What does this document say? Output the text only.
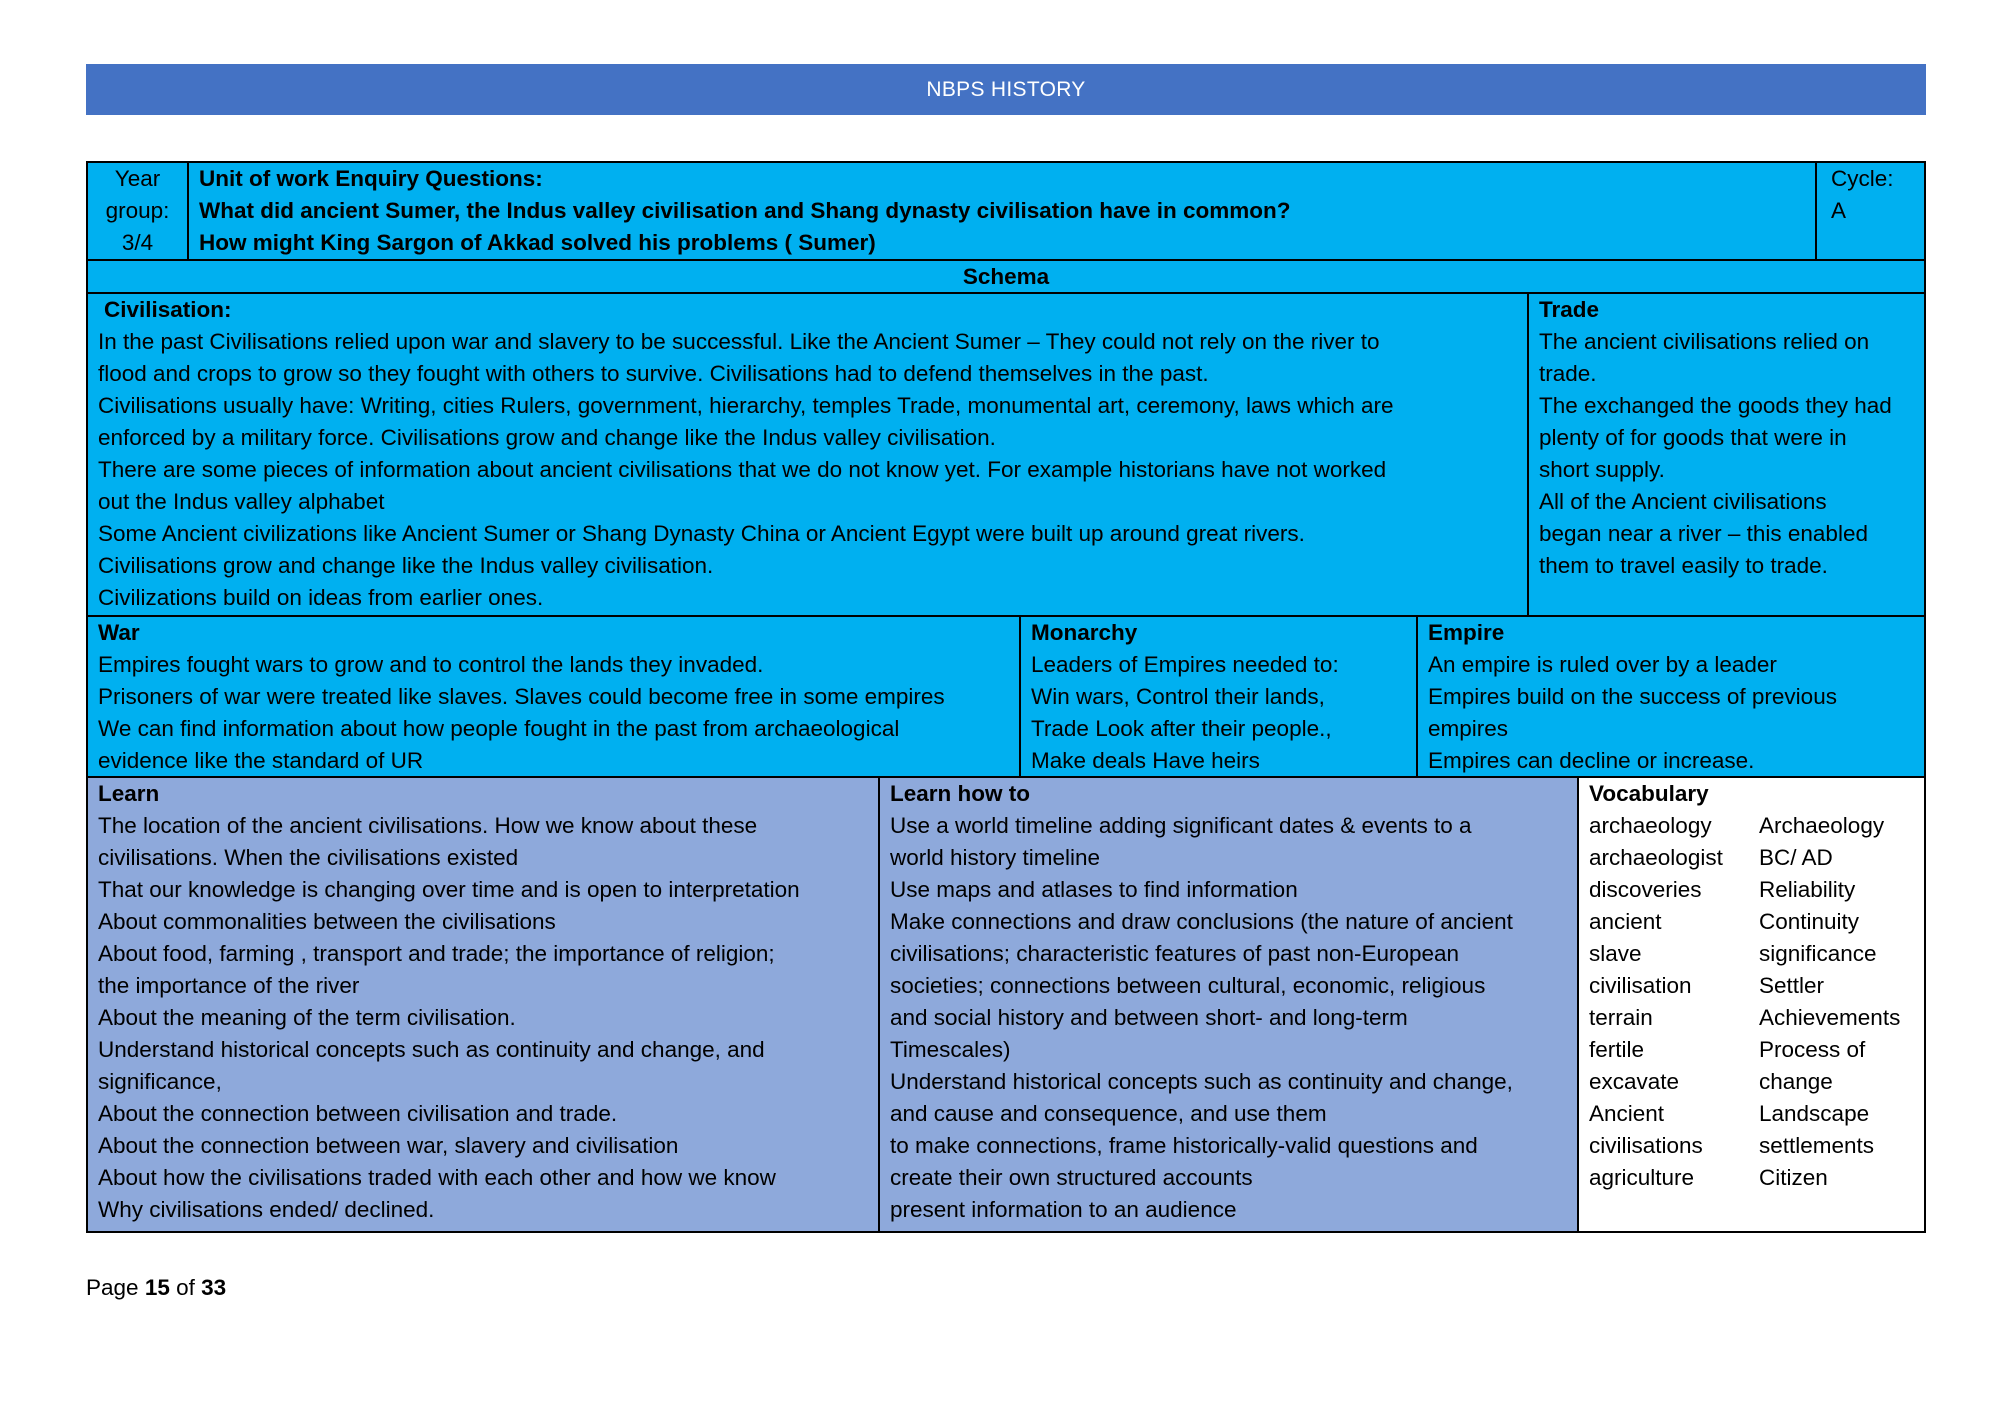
NBPS HISTORY
Year
group:
3/4
Unit of work Enquiry Questions:
What did ancient Sumer, the Indus valley civilisation and Shang dynasty civilisation have in common?
How might King Sargon of Akkad solved his problems ( Sumer)
Cycle:
A
Schema
Civilisation:
In the past Civilisations relied upon war and slavery to be successful. Like the Ancient Sumer – They could not rely on the river to
flood and crops to grow so they fought with others to survive. Civilisations had to defend themselves in the past.
Civilisations usually have: Writing, cities Rulers, government, hierarchy, temples Trade, monumental art, ceremony, laws which are
enforced by a military force. Civilisations grow and change like the Indus valley civilisation.
There are some pieces of information about ancient civilisations that we do not know yet. For example historians have not worked
out the Indus valley alphabet
Some Ancient civilizations like Ancient Sumer or Shang Dynasty China or Ancient Egypt were built up around great rivers.
Civilisations grow and change like the Indus valley civilisation.
Civilizations build on ideas from earlier ones.
Trade
The ancient civilisations relied on
trade.
The exchanged the goods they had
plenty of for goods that were in
short supply.
All of the Ancient civilisations
began near a river – this enabled
them to travel easily to trade.
War
Empires fought wars to grow and to control the lands they invaded.
Prisoners of war were treated like slaves. Slaves could become free in some empires
We can find information about how people fought in the past from archaeological
evidence like the standard of UR
Monarchy
Leaders of Empires needed to:
Win wars, Control their lands,
Trade Look after their people.,
Make deals Have heirs
Empire
An empire is ruled over by a leader
Empires build on the success of previous
empires
Empires can decline or increase.
Learn
The location of the ancient civilisations. How we know about these
civilisations. When the civilisations existed
That our knowledge is changing over time and is open to interpretation
About commonalities between the civilisations
About food, farming , transport and trade; the importance of religion;
the importance of the river
About the meaning of the term civilisation.
Understand historical concepts such as continuity and change, and
significance,
About the connection between civilisation and trade.
About the connection between war, slavery and civilisation
About how the civilisations traded with each other and how we know
Why civilisations ended/ declined.
Learn how to
Use a world timeline adding significant dates & events to a
world history timeline
Use maps and atlases to find information
Make connections and draw conclusions (the nature of ancient
civilisations; characteristic features of past non-European
societies; connections between cultural, economic, religious
and social history and between short- and long-term
Timescales)
Understand historical concepts such as continuity and change,
and cause and consequence, and use them
to make connections, frame historically-valid questions and
create their own structured accounts
present information to an audience
Vocabulary
archaeology
archaeologist
discoveries
ancient
slave
civilisation
terrain
fertile
excavate
Ancient
civilisations
agriculture
Archaeology
BC/ AD
Reliability
Continuity
significance
Settler
Achievements
Process of
change
Landscape
settlements
Citizen
Page 15 of 33
